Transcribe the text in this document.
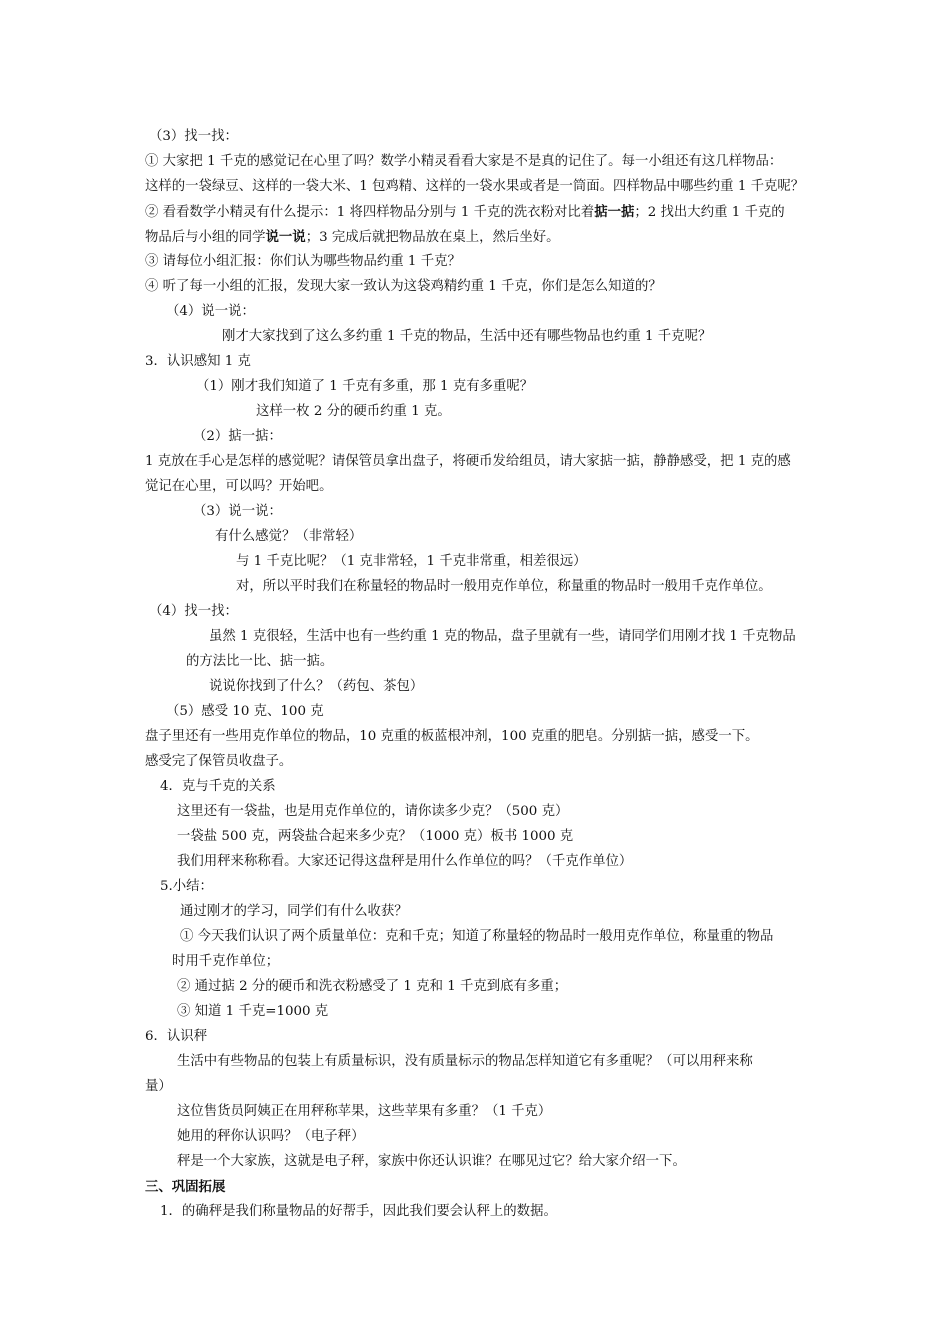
（3）找一找：
① 大家把 1 千克的感觉记在心里了吗？数学小精灵看看大家是不是真的记住了。每一小组还有这几样物品：
这样的一袋绿豆、这样的一袋大米、1 包鸡精、这样的一袋水果或者是一筒面。四样物品中哪些约重 1 千克呢？
② 看看数学小精灵有什么提示：1 将四样物品分别与 1 千克的洗衣粉对比着掂一掂；2 找出大约重 1 千克的
物品后与小组的同学说一说；3 完成后就把物品放在桌上，然后坐好。
③ 请每位小组汇报：你们认为哪些物品约重 1 千克？
④ 听了每一小组的汇报，发现大家一致认为这袋鸡精约重 1 千克，你们是怎么知道的？
（4）说一说：
刚才大家找到了这么多约重 1 千克的物品，生活中还有哪些物品也约重 1 千克呢？
3．认识感知 1 克
（1）刚才我们知道了 1 千克有多重，那 1 克有多重呢？
这样一枚 2 分的硬币约重 1 克。
（2）掂一掂：
1 克放在手心是怎样的感觉呢？请保管员拿出盘子，将硬币发给组员，请大家掂一掂，静静感受，把 1 克的感
觉记在心里，可以吗？开始吧。
（3）说一说：
有什么感觉？（非常轻）
与 1 千克比呢？（1 克非常轻，1 千克非常重，相差很远）
对，所以平时我们在称量轻的物品时一般用克作单位，称量重的物品时一般用千克作单位。
（4）找一找：
虽然 1 克很轻，生活中也有一些约重 1 克的物品，盘子里就有一些，请同学们用刚才找 1 千克物品
的方法比一比、掂一掂。
说说你找到了什么？（药包、茶包）
（5）感受 10 克、100 克
盘子里还有一些用克作单位的物品，10 克重的板蓝根冲剂，100 克重的肥皂。分别掂一掂，感受一下。
感受完了保管员收盘子。
4．克与千克的关系
这里还有一袋盐，也是用克作单位的，请你读多少克？（500 克）
一袋盐 500 克，两袋盐合起来多少克？（1000 克）板书 1000 克
我们用秤来称称看。大家还记得这盘秤是用什么作单位的吗？（千克作单位）
5.小结：
通过刚才的学习，同学们有什么收获？
① 今天我们认识了两个质量单位：克和千克；知道了称量轻的物品时一般用克作单位，称量重的物品
时用千克作单位；
② 通过掂 2 分的硬币和洗衣粉感受了 1 克和 1 千克到底有多重；
③ 知道 1 千克=1000 克
6．认识秤
生活中有些物品的包装上有质量标识，没有质量标示的物品怎样知道它有多重呢？（可以用秤来称
量）
这位售货员阿姨正在用秤称苹果，这些苹果有多重？（1 千克）
她用的秤你认识吗？（电子秤）
秤是一个大家族，这就是电子秤，家族中你还认识谁？在哪见过它？给大家介绍一下。
三、巩固拓展
1．的确秤是我们称量物品的好帮手，因此我们要会认秤上的数据。
